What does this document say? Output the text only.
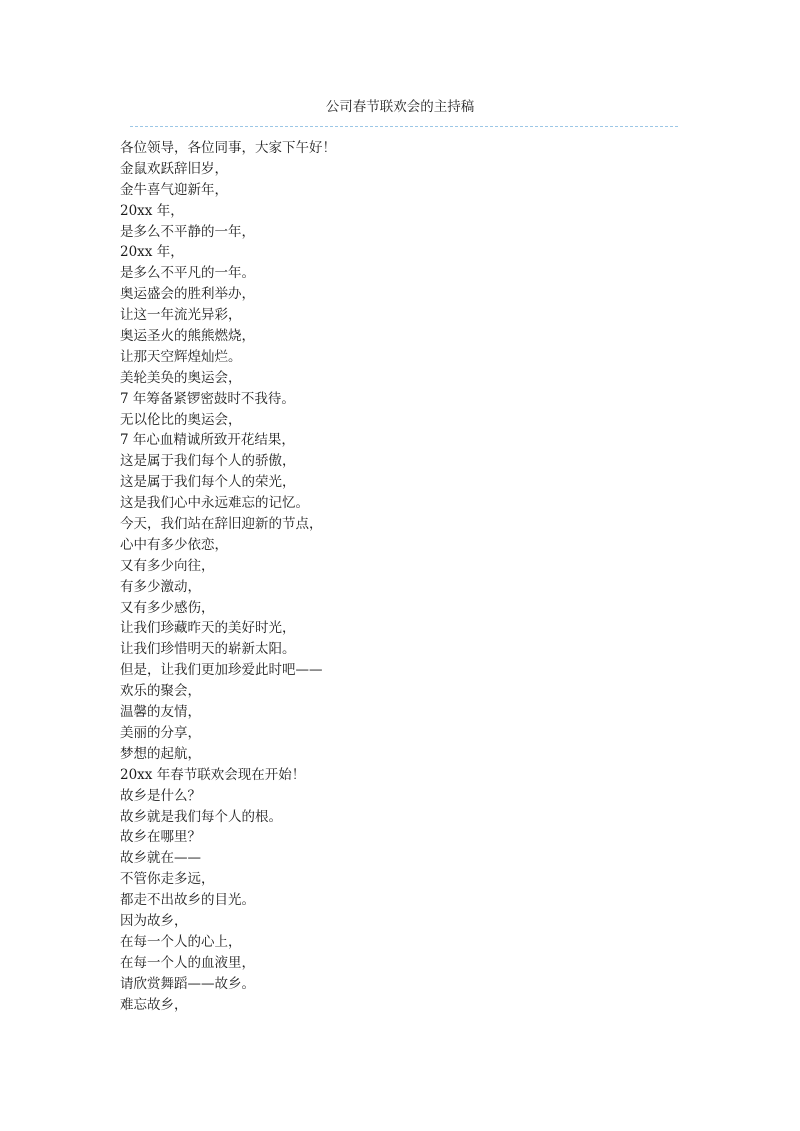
公司春节联欢会的主持稿
各位领导，各位同事，大家下午好！
金鼠欢跃辞旧岁，
金牛喜气迎新年，
20xx 年，
是多么不平静的一年，
20xx 年，
是多么不平凡的一年。
奥运盛会的胜利举办，
让这一年流光异彩，
奥运圣火的熊熊燃烧，
让那天空辉煌灿烂。
美轮美奂的奥运会，
7 年筹备紧锣密鼓时不我待。
无以伦比的奥运会，
7 年心血精诚所致开花结果，
这是属于我们每个人的骄傲，
这是属于我们每个人的荣光，
这是我们心中永远难忘的记忆。
今天，我们站在辞旧迎新的节点，
心中有多少依恋，
又有多少向往，
有多少激动，
又有多少感伤，
让我们珍藏昨天的美好时光，
让我们珍惜明天的崭新太阳。
但是，让我们更加珍爱此时吧——
欢乐的聚会，
温馨的友情，
美丽的分享，
梦想的起航，
20xx 年春节联欢会现在开始！
故乡是什么？
故乡就是我们每个人的根。
故乡在哪里？
故乡就在——
不管你走多远，
都走不出故乡的目光。
因为故乡，
在每一个人的心上，
在每一个人的血液里，
请欣赏舞蹈——故乡。
难忘故乡，
